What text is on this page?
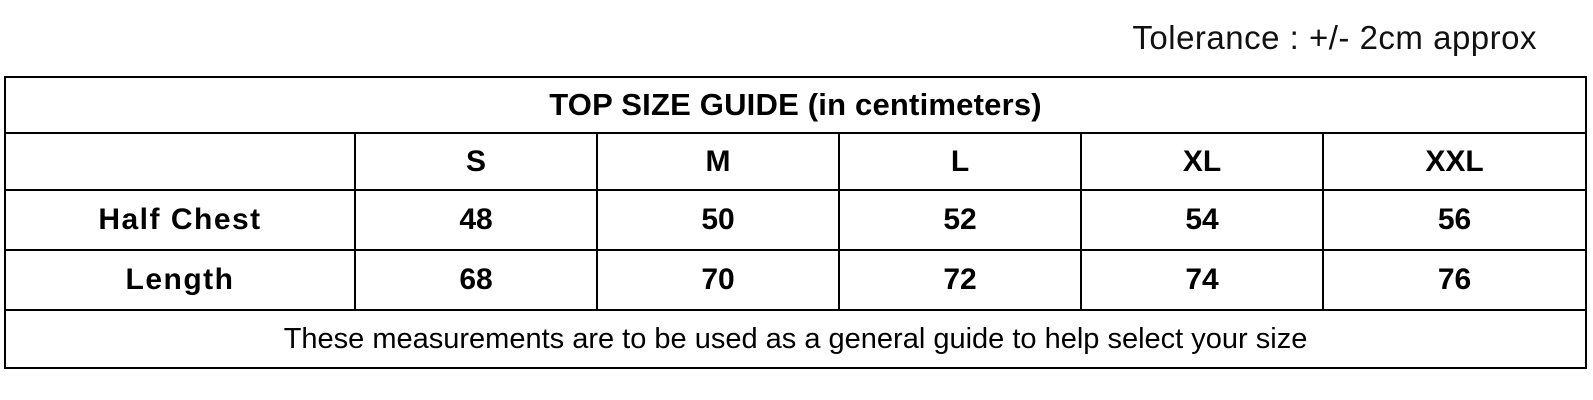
Tolerance : +/- 2cm approx
TOP SIZE GUIDE (in centimeters)					
	S	M	L	XL	XXL
Half Chest	48	50	52	54	56
Length	68	70	72	74	76
These measurements are to be used as a general guide to help select your size					
